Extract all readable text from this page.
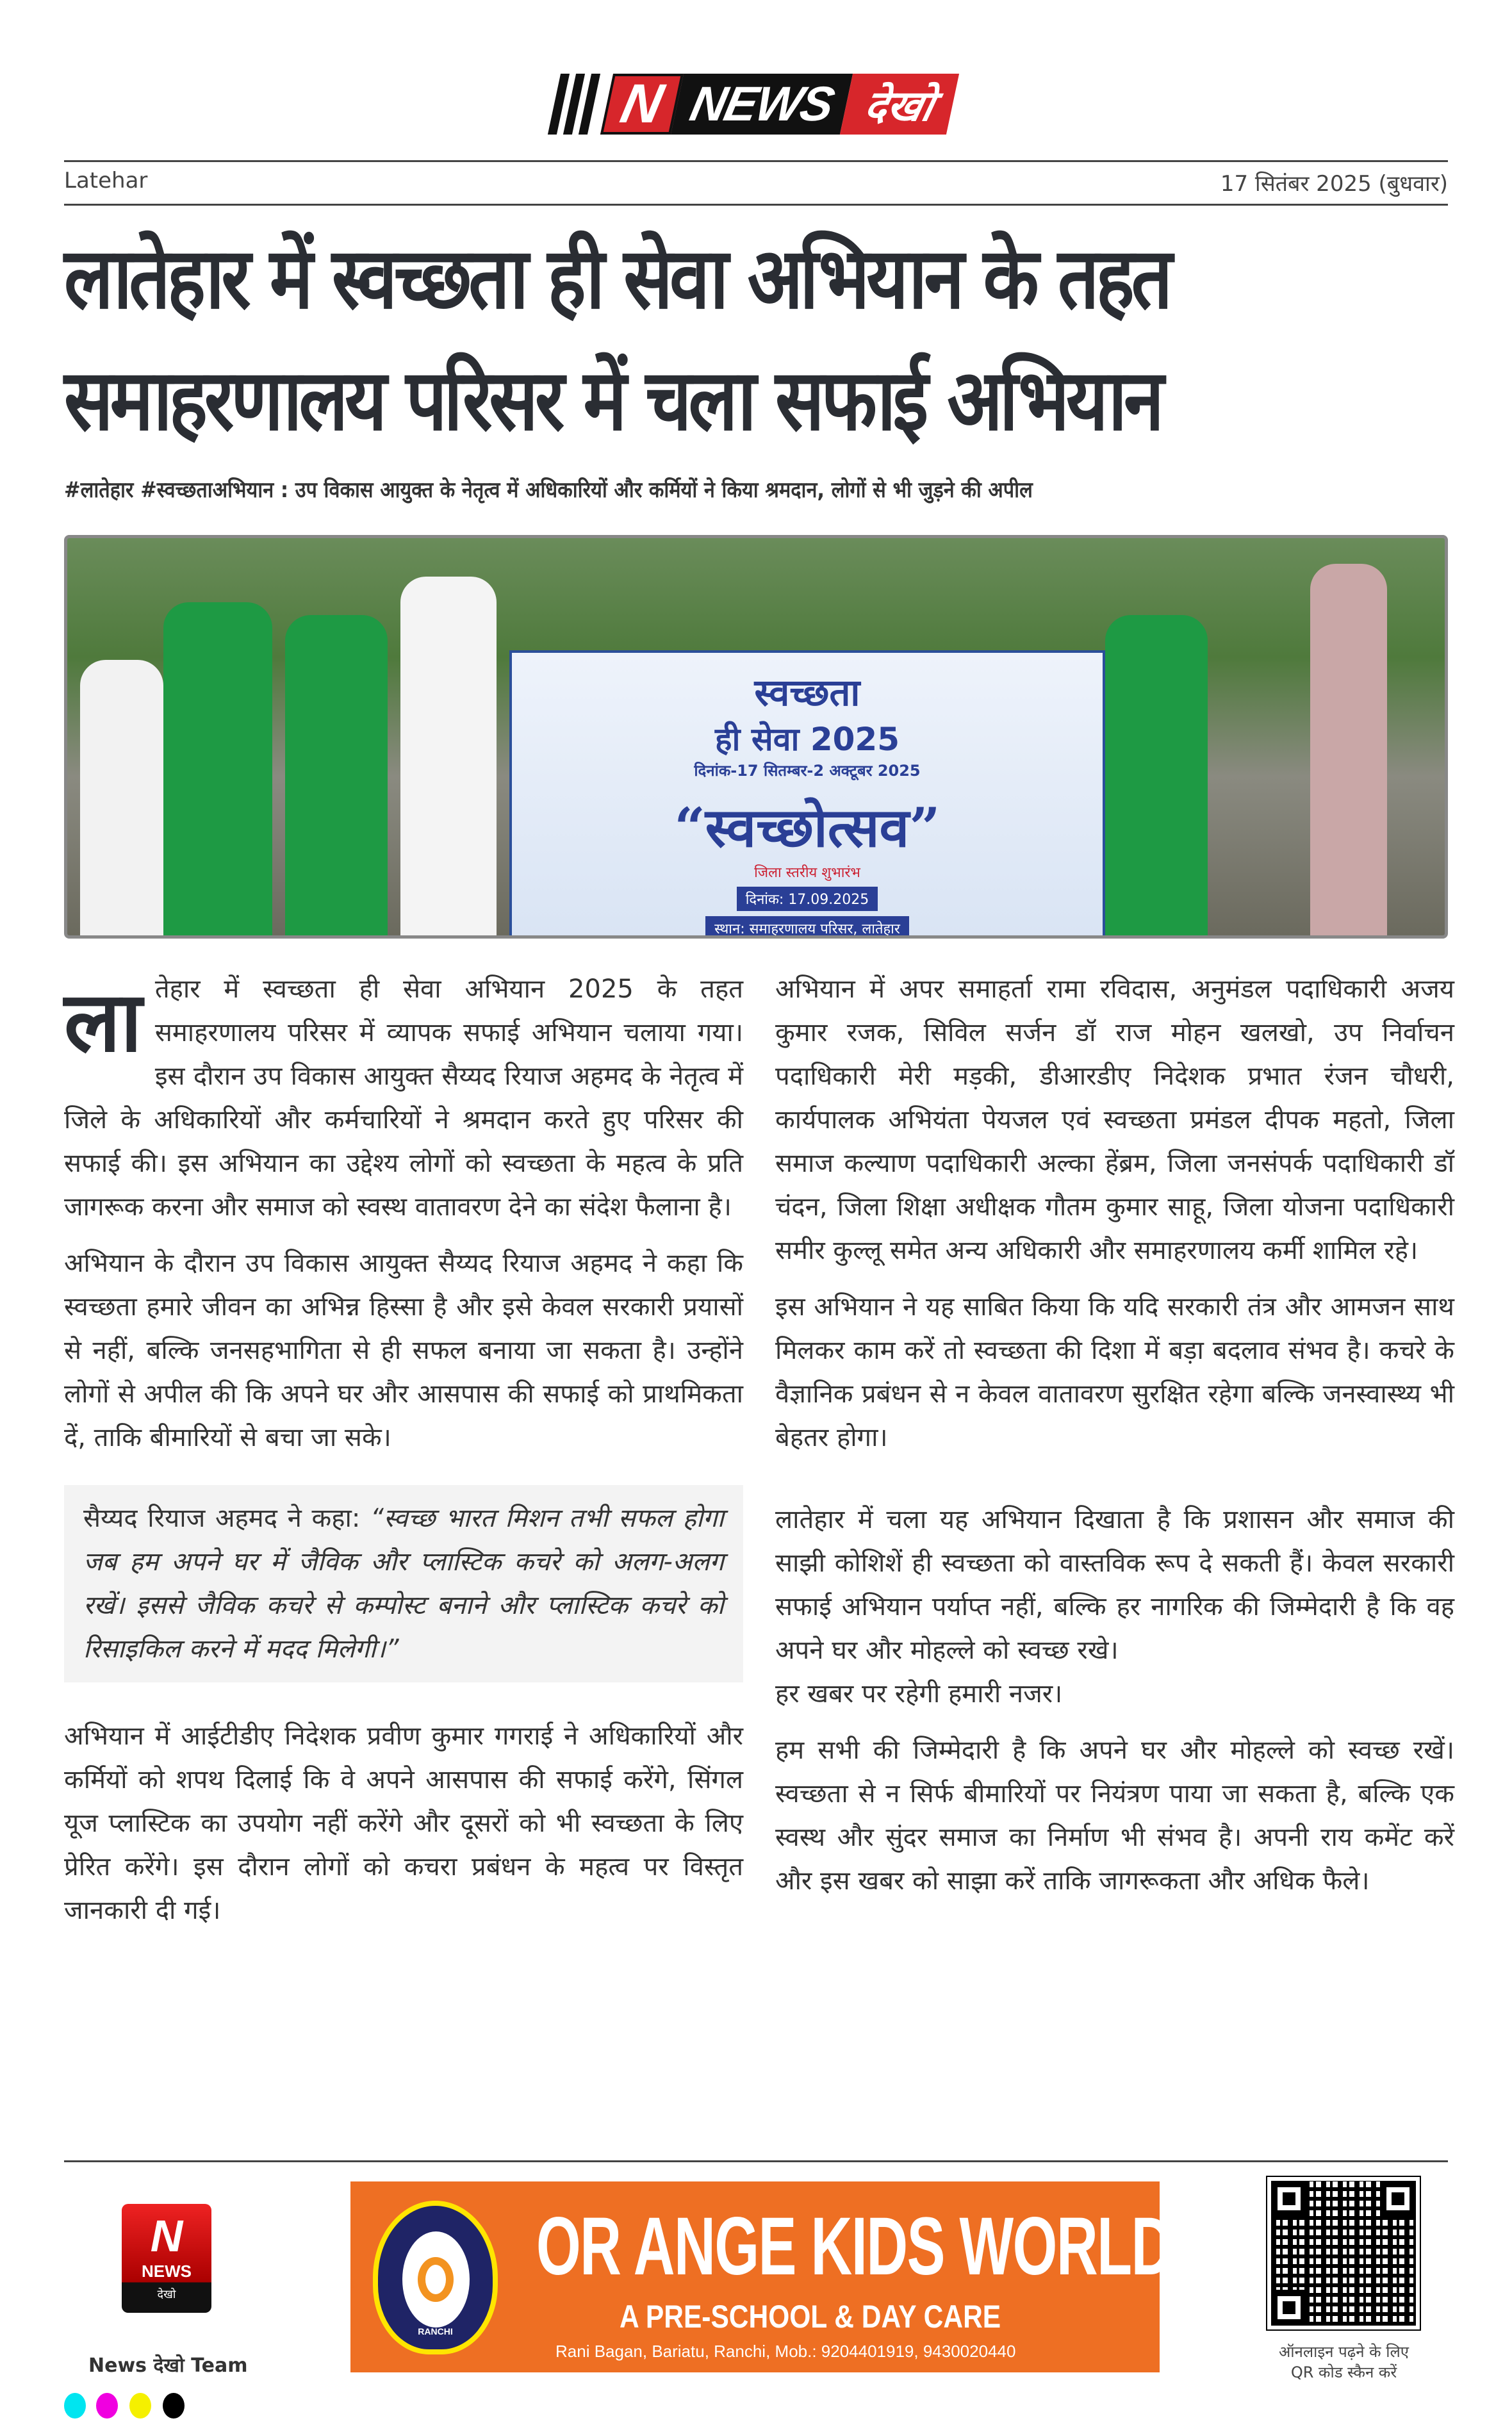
N NEWS देखो
Latehar	17 सितंबर 2025 (बुधवार)
लातेहार में स्वच्छता ही सेवा अभियान के तहत
समाहरणालय परिसर में चला सफाई अभियान
#लातेहार #स्वच्छताअभियान : उप विकास आयुक्त के नेतृत्व में अधिकारियों और कर्मियों ने किया श्रमदान, लोगों से भी जुड़ने की अपील
स्वच्छता
ही सेवा 2025
दिनांक-17 सितम्बर-2 अक्टूबर 2025
“स्वच्छोत्सव”
जिला स्तरीय शुभारंभ
दिनांक: 17.09.2025
स्थान: समाहरणालय परिसर, लातेहार

लातेहार में स्वच्छता ही सेवा अभियान 2025 के तहत समाहरणालय परिसर में व्यापक सफाई अभियान चलाया गया। इस दौरान उप विकास आयुक्त सैय्यद रियाज अहमद के नेतृत्व में जिले के अधिकारियों और कर्मचारियों ने श्रमदान करते हुए परिसर की सफाई की। इस अभियान का उद्देश्य लोगों को स्वच्छता के महत्व के प्रति जागरूक करना और समाज को स्वस्थ वातावरण देने का संदेश फैलाना है।

अभियान के दौरान उप विकास आयुक्त सैय्यद रियाज अहमद ने कहा कि स्वच्छता हमारे जीवन का अभिन्न हिस्सा है और इसे केवल सरकारी प्रयासों से नहीं, बल्कि जनसहभागिता से ही सफल बनाया जा सकता है। उन्होंने लोगों से अपील की कि अपने घर और आसपास की सफाई को प्राथमिकता दें, ताकि बीमारियों से बचा जा सके।

सैय्यद रियाज अहमद ने कहा: “स्वच्छ भारत मिशन तभी सफल होगा जब हम अपने घर में जैविक और प्लास्टिक कचरे को अलग-अलग रखें। इससे जैविक कचरे से कम्पोस्ट बनाने और प्लास्टिक कचरे को रिसाइकिल करने में मदद मिलेगी।”

अभियान में आईटीडीए निदेशक प्रवीण कुमार गगराई ने अधिकारियों और कर्मियों को शपथ दिलाई कि वे अपने आसपास की सफाई करेंगे, सिंगल यूज प्लास्टिक का उपयोग नहीं करेंगे और दूसरों को भी स्वच्छता के लिए प्रेरित करेंगे। इस दौरान लोगों को कचरा प्रबंधन के महत्व पर विस्तृत जानकारी दी गई।

अभियान में अपर समाहर्ता रामा रविदास, अनुमंडल पदाधिकारी अजय कुमार रजक, सिविल सर्जन डॉ राज मोहन खलखो, उप निर्वाचन पदाधिकारी मेरी मड़की, डीआरडीए निदेशक प्रभात रंजन चौधरी, कार्यपालक अभियंता पेयजल एवं स्वच्छता प्रमंडल दीपक महतो, जिला समाज कल्याण पदाधिकारी अल्का हेंब्रम, जिला जनसंपर्क पदाधिकारी डॉ चंदन, जिला शिक्षा अधीक्षक गौतम कुमार साहू, जिला योजना पदाधिकारी समीर कुल्लू समेत अन्य अधिकारी और समाहरणालय कर्मी शामिल रहे।

इस अभियान ने यह साबित किया कि यदि सरकारी तंत्र और आमजन साथ मिलकर काम करें तो स्वच्छता की दिशा में बड़ा बदलाव संभव है। कचरे के वैज्ञानिक प्रबंधन से न केवल वातावरण सुरक्षित रहेगा बल्कि जनस्वास्थ्य भी बेहतर होगा।

लातेहार में चला यह अभियान दिखाता है कि प्रशासन और समाज की साझी कोशिशें ही स्वच्छता को वास्तविक रूप दे सकती हैं। केवल सरकारी सफाई अभियान पर्याप्त नहीं, बल्कि हर नागरिक की जिम्मेदारी है कि वह अपने घर और मोहल्ले को स्वच्छ रखे।

हर खबर पर रहेगी हमारी नजर।

हम सभी की जिम्मेदारी है कि अपने घर और मोहल्ले को स्वच्छ रखें। स्वच्छता से न सिर्फ बीमारियों पर नियंत्रण पाया जा सकता है, बल्कि एक स्वस्थ और सुंदर समाज का निर्माण भी संभव है। अपनी राय कमेंट करें और इस खबर को साझा करें ताकि जागरूकता और अधिक फैले।

N
NEWS
देखो
News देखो Team
RANCHI
OR ANGE KIDS WORLD
A PRE-SCHOOL & DAY CARE
Rani Bagan, Bariatu, Ranchi, Mob.: 9204401919, 9430020440	ऑनलाइन पढ़ने के लिए
QR कोड स्कैन करें
